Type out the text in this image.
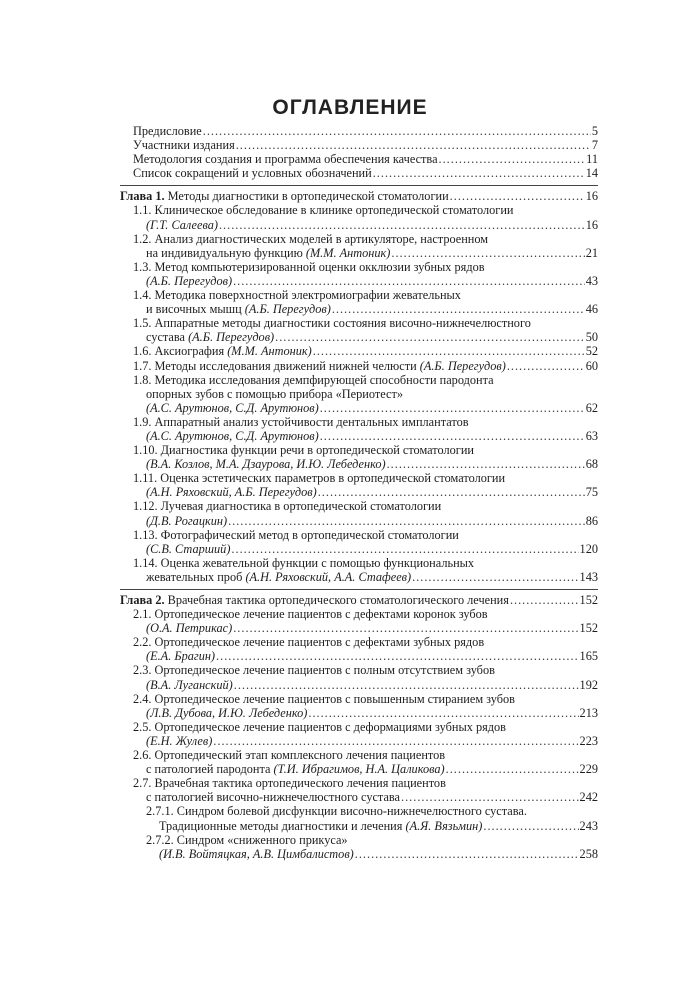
ОГЛАВЛЕНИЕ
Предисловие .....	5
Участники издания .....	7
Методология создания и программа обеспечения качества .....	11
Список сокращений и условных обозначений .....	14
Глава 1. Методы диагностики в ортопедической стоматологии .....	16
1.1. Клиническое обследование в клинике ортопедической стоматологии
(Г.Т. Салеева) .....	16
1.2. Анализ диагностических моделей в артикуляторе, настроенном
на индивидуальную функцию (М.М. Антоник) .....	21
1.3. Метод компьютеризированной оценки окклюзии зубных рядов
(А.Б. Перегудов) .....	43
1.4. Методика поверхностной электромиографии жевательных
и височных мышц (А.Б. Перегудов) .....	46
1.5. Аппаратные методы диагностики состояния височно-нижнечелюстного
сустава (А.Б. Перегудов) .....	50
1.6. Аксиография (М.М. Антоник) .....	52
1.7. Методы исследования движений нижней челюсти (А.Б. Перегудов) .....	60
1.8. Методика исследования демпфирующей способности пародонта
опорных зубов с помощью прибора «Периотест»
(А.С. Арутюнов, С.Д. Арутюнов) .....	62
1.9. Аппаратный анализ устойчивости дентальных имплантатов
(А.С. Арутюнов, С.Д. Арутюнов) .....	63
1.10. Диагностика функции речи в ортопедической стоматологии
(В.А. Козлов, М.А. Дзаурова, И.Ю. Лебеденко) .....	68
1.11. Оценка эстетических параметров в ортопедической стоматологии
(А.Н. Ряховский, А.Б. Перегудов) .....	75
1.12. Лучевая диагностика в ортопедической стоматологии
(Д.В. Рогацкин) .....	86
1.13. Фотографический метод в ортопедической стоматологии
(С.В. Старший) .....	120
1.14. Оценка жевательной функции с помощью функциональных
жевательных проб (А.Н. Ряховский, А.А. Стафеев) .....	143
Глава 2. Врачебная тактика ортопедического стоматологического лечения .....	152
2.1. Ортопедическое лечение пациентов с дефектами коронок зубов
(О.А. Петрикас) .....	152
2.2. Ортопедическое лечение пациентов с дефектами зубных рядов
(Е.А. Брагин) .....	165
2.3. Ортопедическое лечение пациентов с полным отсутствием зубов
(В.А. Луганский) .....	192
2.4. Ортопедическое лечение пациентов с повышенным стиранием зубов
(Л.В. Дубова, И.Ю. Лебеденко) .....	213
2.5. Ортопедическое лечение пациентов с деформациями зубных рядов
(Е.Н. Жулев) .....	223
2.6. Ортопедический этап комплексного лечения пациентов
с патологией пародонта (Т.И. Ибрагимов, Н.А. Цаликова) .....	229
2.7. Врачебная тактика ортопедического лечения пациентов
с патологией височно-нижнечелюстного сустава .....	242
2.7.1. Синдром болевой дисфункции височно-нижнечелюстного сустава.
Традиционные методы диагностики и лечения (А.Я. Вязьмин) .....	243
2.7.2. Синдром «сниженного прикуса»
(И.В. Войтяцкая, А.В. Цимбалистов) .....	258
